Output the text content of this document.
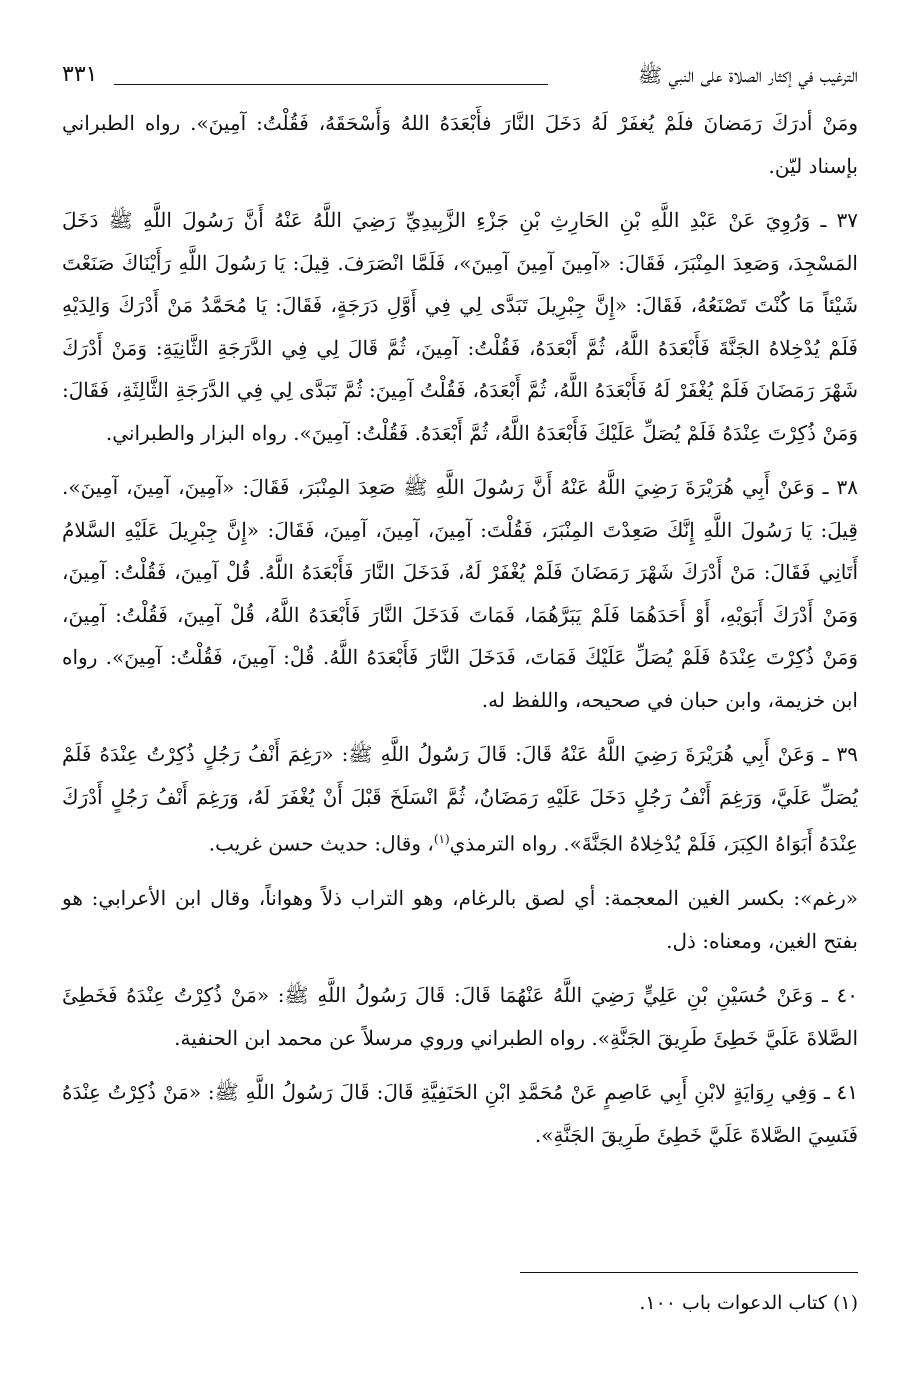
الترغيب في إكثار الصلاة على النبي ﷺ
٣٣١

ومَنْ أدرَكَ رَمَضانَ فلَمْ يُغفَرْ لَهُ دَخَلَ النَّارَ فأَبْعَدَهُ اللهُ وَأَسْحَقَهُ، فَقُلْتُ: آمِينَ». رواه الطبراني بإسناد ليّن.

٣٧ ـ وَرُوِيَ عَنْ عَبْدِ اللَّهِ بْنِ الحَارِثِ بْنِ جَزْءِ الزَّبِيدِيِّ رَضِيَ اللَّهُ عَنْهُ أَنَّ رَسُولَ اللَّهِ ﷺ دَخَلَ المَسْجِدَ، وَصَعِدَ المِنْبَرَ، فَقَالَ: «آمِينَ آمِينَ آمِينَ»، فَلَمَّا انْصَرَفَ. قِيلَ: يَا رَسُولَ اللَّهِ رَأَيْنَاكَ صَنَعْتَ شَيْئاً مَا كُنْتَ تَصْنَعُهُ، فَقَالَ: «إِنَّ جِبْرِيلَ تَبَدَّى لِي فِي أَوَّلِ دَرَجَةٍ، فَقَالَ: يَا مُحَمَّدُ مَنْ أَدْرَكَ وَالِدَيْهِ فَلَمْ يُدْخِلاهُ الجَنَّةَ فَأَبْعَدَهُ اللَّهُ، ثُمَّ أَبْعَدَهُ، فَقُلْتُ: آمِينَ، ثُمَّ قَالَ لِي فِي الدَّرَجَةِ الثَّانِيَةِ: وَمَنْ أَدْرَكَ شَهْرَ رَمَضَانَ فَلَمْ يُغْفَرْ لَهُ فَأَبْعَدَهُ اللَّهُ، ثُمَّ أَبْعَدَهُ، فَقُلْتُ آمِينَ: ثُمَّ تَبَدَّى لِي فِي الدَّرَجَةِ الثَّالِثَةِ، فَقَالَ: وَمَنْ ذُكِرْتَ عِنْدَهُ فَلَمْ يُصَلِّ عَلَيْكَ فَأَبْعَدَهُ اللَّهُ، ثُمَّ أَبْعَدَهُ. فَقُلْتُ: آمِينَ». رواه البزار والطبراني.

٣٨ ـ وَعَنْ أَبِي هُرَيْرَةَ رَضِيَ اللَّهُ عَنْهُ أَنَّ رَسُولَ اللَّهِ ﷺ صَعِدَ المِنْبَرَ، فَقَالَ: «آمِينَ، آمِينَ، آمِينَ». قِيلَ: يَا رَسُولَ اللَّهِ إِنَّكَ صَعِدْتَ المِنْبَرَ، فَقُلْتَ: آمِينَ، آمِينَ، آمِينَ، فَقَالَ: «إِنَّ جِبْرِيلَ عَلَيْهِ السَّلامُ أَتَانِي فَقَالَ: مَنْ أَدْرَكَ شَهْرَ رَمَضَانَ فَلَمْ يُغْفَرْ لَهُ، فَدَخَلَ النَّارَ فَأَبْعَدَهُ اللَّهُ. قُلْ آمِينَ، فَقُلْتُ: آمِينَ، وَمَنْ أَدْرَكَ أَبَوَيْهِ، أَوْ أَحَدَهُمَا فَلَمْ يَبَرَّهُمَا، فَمَاتَ فَدَخَلَ النَّارَ فَأَبْعَدَهُ اللَّهُ، قُلْ آمِينَ، فَقُلْتُ: آمِينَ، وَمَنْ ذُكِرْتَ عِنْدَهُ فَلَمْ يُصَلِّ عَلَيْكَ فَمَاتَ، فَدَخَلَ النَّارَ فَأَبْعَدَهُ اللَّهُ. قُلْ: آمِينَ، فَقُلْتُ: آمِينَ». رواه ابن خزيمة، وابن حبان في صحيحه، واللفظ له.

٣٩ ـ وَعَنْ أَبِي هُرَيْرَةَ رَضِيَ اللَّهُ عَنْهُ قَالَ: قَالَ رَسُولُ اللَّهِ ﷺ: «رَغِمَ أَنْفُ رَجُلٍ ذُكِرْتُ عِنْدَهُ فَلَمْ يُصَلِّ عَلَيَّ، وَرَغِمَ أَنْفُ رَجُلٍ دَخَلَ عَلَيْهِ رَمَضَانُ، ثُمَّ انْسَلَخَ قَبْلَ أَنْ يُغْفَرَ لَهُ، وَرَغِمَ أَنْفُ رَجُلٍ أَدْرَكَ عِنْدَهُ أَبَوَاهُ الكِبَرَ، فَلَمْ يُدْخِلاهُ الجَنَّةَ». رواه الترمذي$^{(١)}$، وقال: حديث حسن غريب.

«رغم»: بكسر الغين المعجمة: أي لصق بالرغام، وهو التراب ذلاً وهواناً، وقال ابن الأعرابي: هو بفتح الغين، ومعناه: ذل.

٤٠ ـ وَعَنْ حُسَيْنِ بْنِ عَلِيٍّ رَضِيَ اللَّهُ عَنْهُمَا قَالَ: قَالَ رَسُولُ اللَّهِ ﷺ: «مَنْ ذُكِرْتُ عِنْدَهُ فَخَطِئَ الصَّلاةَ عَلَيَّ خَطِئَ طَرِيقَ الجَنَّةِ». رواه الطبراني وروي مرسلاً عن محمد ابن الحنفية.

٤١ ـ وَفِي رِوَايَةٍ لابْنِ أَبِي عَاصِمٍ عَنْ مُحَمَّدِ ابْنِ الحَنَفِيَّةِ قَالَ: قَالَ رَسُولُ اللَّهِ ﷺ: «مَنْ ذُكِرْتُ عِنْدَهُ فَنَسِيَ الصَّلاةَ عَلَيَّ خَطِئَ طَرِيقَ الجَنَّةِ».

(١) كتاب الدعوات باب ١٠٠.
